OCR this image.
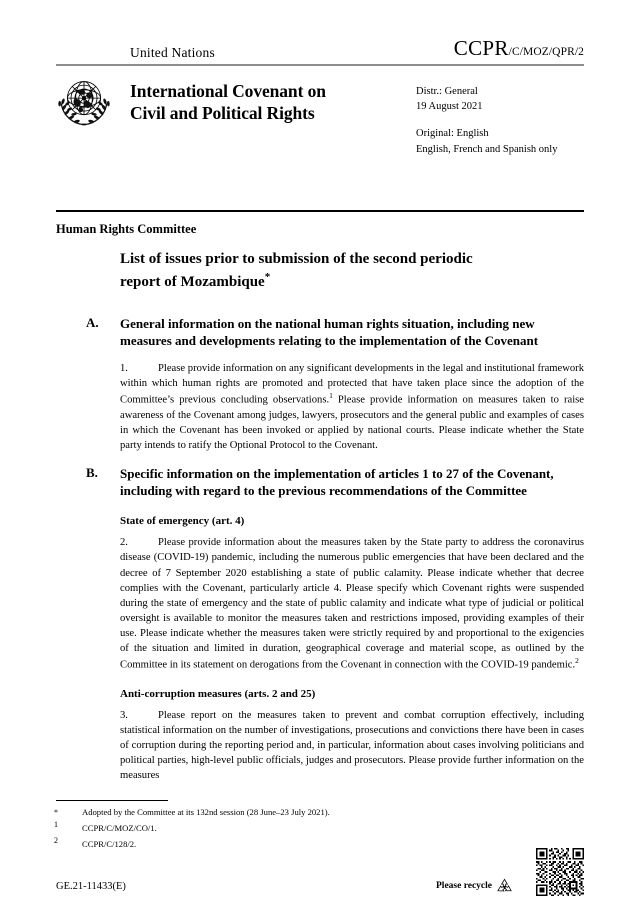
United Nations	CCPR/C/MOZ/QPR/2
International Covenant on
Civil and Political Rights
Distr.: General
19 August 2021
Original: English
English, French and Spanish only
Human Rights Committee
List of issues prior to submission of the second periodic
report of Mozambique*
A.	General information on the national human rights situation, including new measures and developments relating to the implementation of the Covenant
1.	Please provide information on any significant developments in the legal and institutional framework within which human rights are promoted and protected that have taken place since the adoption of the Committee’s previous concluding observations.$^1$ Please provide information on measures taken to raise awareness of the Covenant among judges, lawyers, prosecutors and the general public and examples of cases in which the Covenant has been invoked or applied by national courts. Please indicate whether the State party intends to ratify the Optional Protocol to the Covenant.
B.	Specific information on the implementation of articles 1 to 27 of the Covenant, including with regard to the previous recommendations of the Committee
State of emergency (art. 4)
2.	Please provide information about the measures taken by the State party to address the coronavirus disease (COVID-19) pandemic, including the numerous public emergencies that have been declared and the decree of 7 September 2020 establishing a state of public calamity. Please indicate whether that decree complies with the Covenant, particularly article 4. Please specify which Covenant rights were suspended during the state of emergency and the state of public calamity and indicate what type of judicial or political oversight is available to monitor the measures taken and restrictions imposed, providing examples of their use. Please indicate whether the measures taken were strictly required by and proportional to the exigencies of the situation and limited in duration, geographical coverage and material scope, as outlined by the Committee in its statement on derogations from the Covenant in connection with the COVID-19 pandemic.$^2$
Anti-corruption measures (arts. 2 and 25)
3.	Please report on the measures taken to prevent and combat corruption effectively, including statistical information on the number of investigations, prosecutions and convictions there have been in cases of corruption during the reporting period and, in particular, information about cases involving politicians and political parties, high-level public officials, judges and prosecutors. Please provide further information on the measures
*	Adopted by the Committee at its 132nd session (28 June–23 July 2021).
1	CCPR/C/MOZ/CO/1.
2	CCPR/C/128/2.
GE.21-11433(E)	Please recycle
